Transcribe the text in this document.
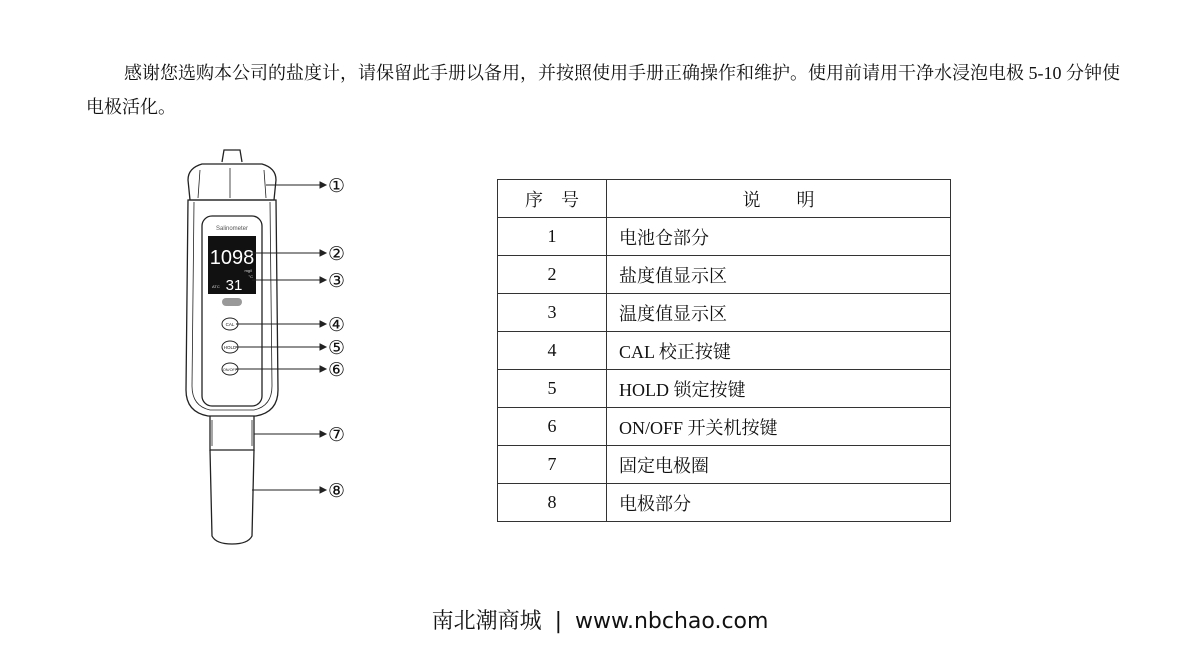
感谢您选购本公司的盐度计，请保留此手册以备用，并按照使用手册正确操作和维护。使用前请用干净水浸泡电极 5-10 分钟使电极活化。

Salinometer
1098
mg/l
31
°C
ATC
CAL
HOLD
ON/OFF
①
②
③
④
⑤
⑥
⑦
⑧
序　号	说　　明
1	电池仓部分
2	盐度值显示区
3	温度值显示区
4	CAL 校正按键
5	HOLD 锁定按键
6	ON/OFF 开关机按键
7	固定电极圈
8	电极部分
南北潮商城 | www.nbchao.com
